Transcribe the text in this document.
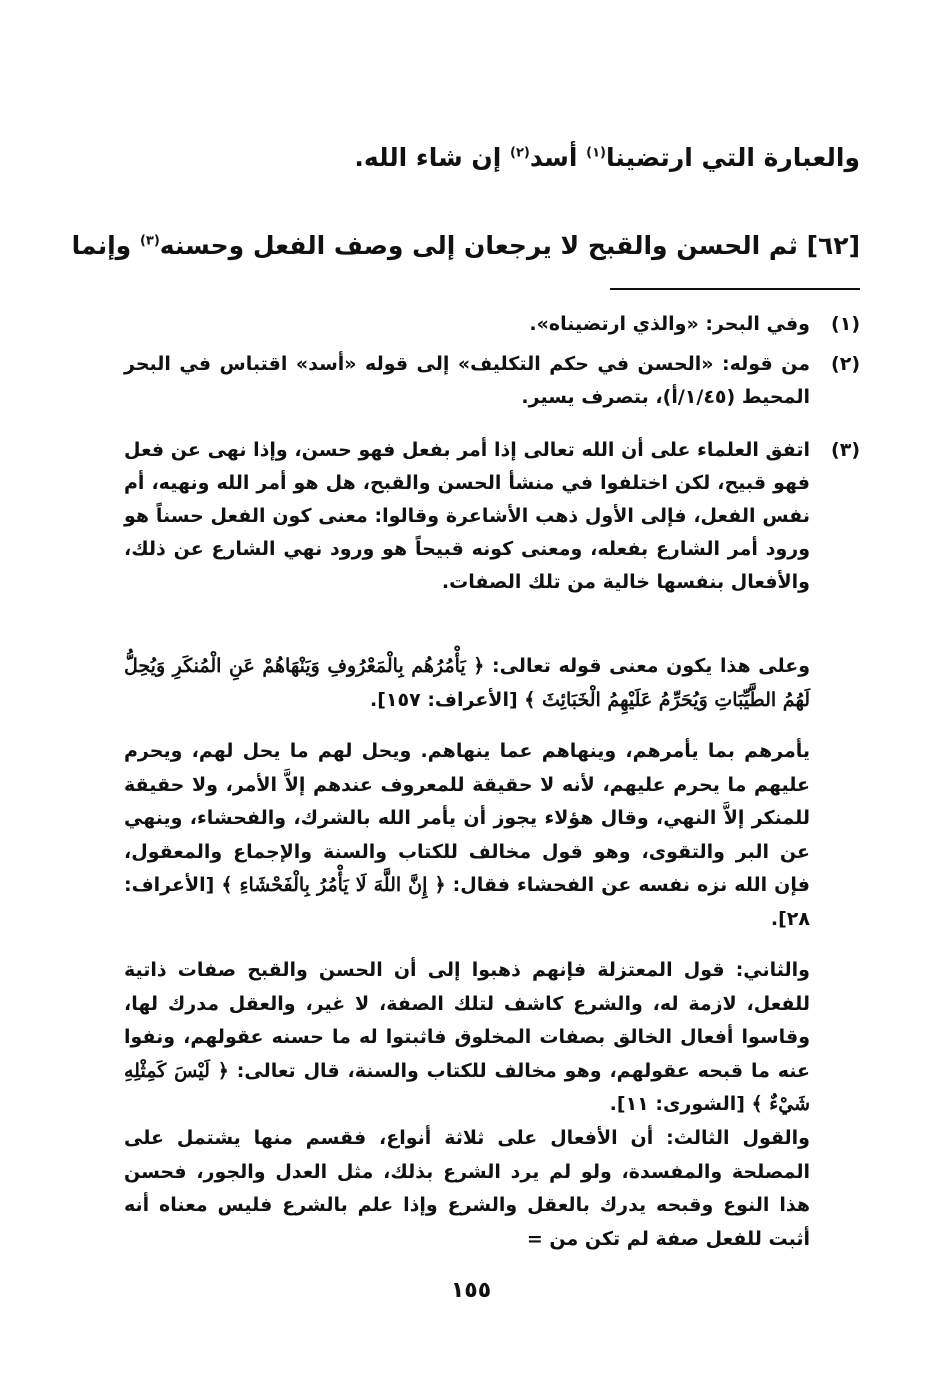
والعبارة التي ارتضينا$^{(١)}$ أسد$^{(٢)}$ إن شاء الله.
[٦٢] ثم الحسن والقبح لا يرجعان إلى وصف الفعل وحسنه$^{(٣)}$ وإنما
(١)
وفي البحر: «والذي ارتضيناه».
(٢)
من قوله: «الحسن في حكم التكليف» إلى قوله «أسد» اقتباس في البحر المحيط (١/٤٥/أ)، بتصرف يسير.
(٣)
اتفق العلماء على أن الله تعالى إذا أمر بفعل فهو حسن، وإذا نهى عن فعل فهو قبيح، لكن اختلفوا في منشأ الحسن والقبح، هل هو أمر الله ونهيه، أم نفس الفعل، فإلى الأول ذهب الأشاعرة وقالوا: معنى كون الفعل حسناً هو ورود أمر الشارع بفعله، ومعنى كونه قبيحاً هو ورود نهي الشارع عن ذلك، والأفعال بنفسها خالية من تلك الصفات.
وعلى هذا يكون معنى قوله تعالى: ﴿ يَأْمُرُهُم بِالْمَعْرُوفِ وَيَنْهَاهُمْ عَنِ الْمُنكَرِ وَيُحِلُّ لَهُمُ الطَّيِّبَاتِ وَيُحَرِّمُ عَلَيْهِمُ الْخَبَائِثَ ﴾ [الأعراف: ١٥٧].
يأمرهم بما يأمرهم، وينهاهم عما ينهاهم. ويحل لهم ما يحل لهم، ويحرم عليهم ما يحرم عليهم، لأنه لا حقيقة للمعروف عندهم إلاَّ الأمر، ولا حقيقة للمنكر إلاَّ النهي، وقال هؤلاء يجوز أن يأمر الله بالشرك، والفحشاء، وينهي عن البر والتقوى، وهو قول مخالف للكتاب والسنة والإجماع والمعقول، فإن الله نزه نفسه عن الفحشاء فقال: ﴿ إِنَّ اللَّهَ لَا يَأْمُرُ بِالْفَحْشَاءِ ﴾ [الأعراف: ٢٨].
والثاني: قول المعتزلة فإنهم ذهبوا إلى أن الحسن والقبح صفات ذاتية للفعل، لازمة له، والشرع كاشف لتلك الصفة، لا غير، والعقل مدرك لها، وقاسوا أفعال الخالق بصفات المخلوق فاثبتوا له ما حسنه عقولهم، ونفوا عنه ما قبحه عقولهم، وهو مخالف للكتاب والسنة، قال تعالى: ﴿ لَيْسَ كَمِثْلِهِ شَيْءٌ ﴾ [الشورى: ١١].
والقول الثالث: أن الأفعال على ثلاثة أنواع، فقسم منها يشتمل على المصلحة والمفسدة، ولو لم يرد الشرع بذلك، مثل العدل والجور، فحسن هذا النوع وقبحه يدرك بالعقل والشرع وإذا علم بالشرع فليس معناه أنه أثبت للفعل صفة لم تكن من =
١٥٥
